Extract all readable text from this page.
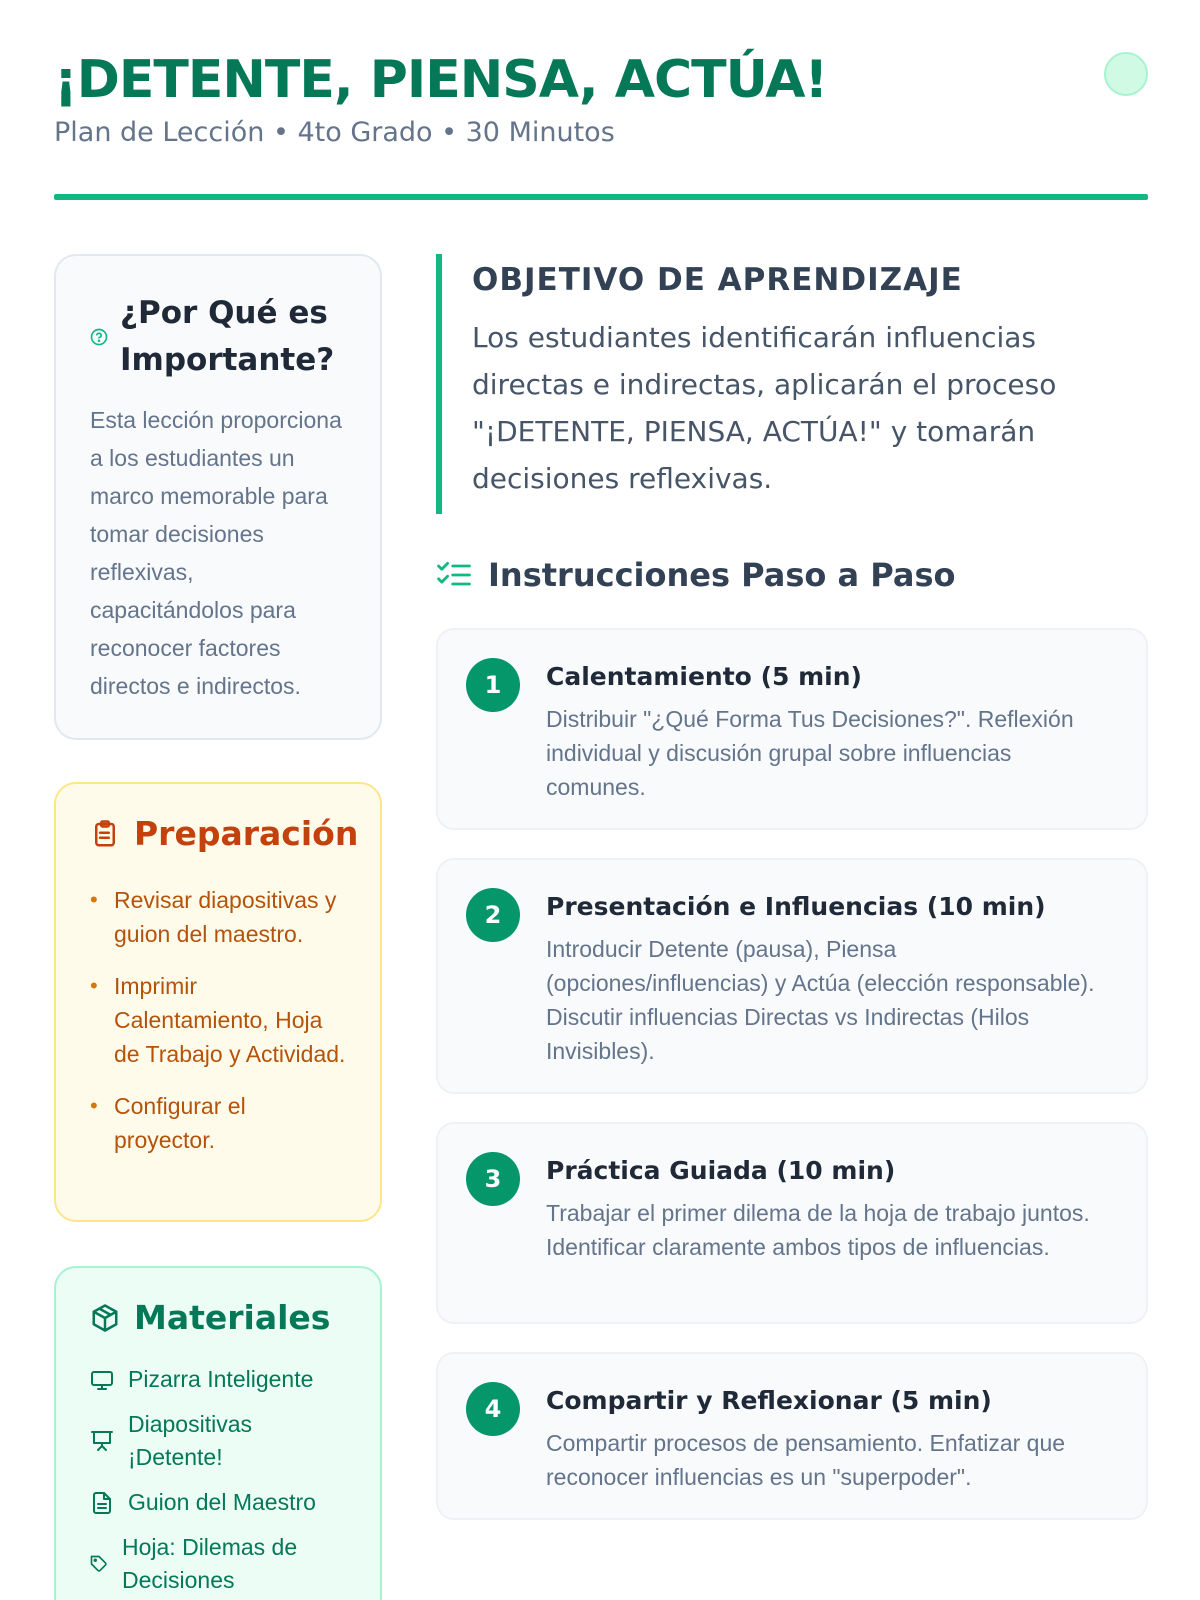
¡DETENTE, PIENSA, ACTÚA!
Plan de Lección • 4to Grado • 30 Minutos
¿Por Qué es Importante?

Esta lección proporciona a los estudiantes un marco memorable para tomar decisiones reflexivas, capacitándolos para reconocer factores directos e indirectos.

Preparación
• Revisar diapositivas y guion del maestro.
• Imprimir Calentamiento, Hoja de Trabajo y Actividad.
• Configurar el proyector.
Materiales
Pizarra Inteligente
Diapositivas ¡Detente!
Guion del Maestro
Hoja: Dilemas de Decisiones
OBJETIVO DE APRENDIZAJE

Los estudiantes identificarán influencias directas e indirectas, aplicarán el proceso "¡DETENTE, PIENSA, ACTÚA!" y tomarán decisiones reflexivas.

Instrucciones Paso a Paso
1	Calentamiento (5 min)
Distribuir "¿Qué Forma Tus Decisiones?". Reflexión individual y discusión grupal sobre influencias comunes.
2	Presentación e Influencias (10 min)
Introducir Detente (pausa), Piensa (opciones/influencias) y Actúa (elección responsable). Discutir influencias Directas vs Indirectas (Hilos Invisibles).
3	Práctica Guiada (10 min)
Trabajar el primer dilema de la hoja de trabajo juntos. Identificar claramente ambos tipos de influencias.
4	Compartir y Reflexionar (5 min)
Compartir procesos de pensamiento. Enfatizar que reconocer influencias es un "superpoder".
